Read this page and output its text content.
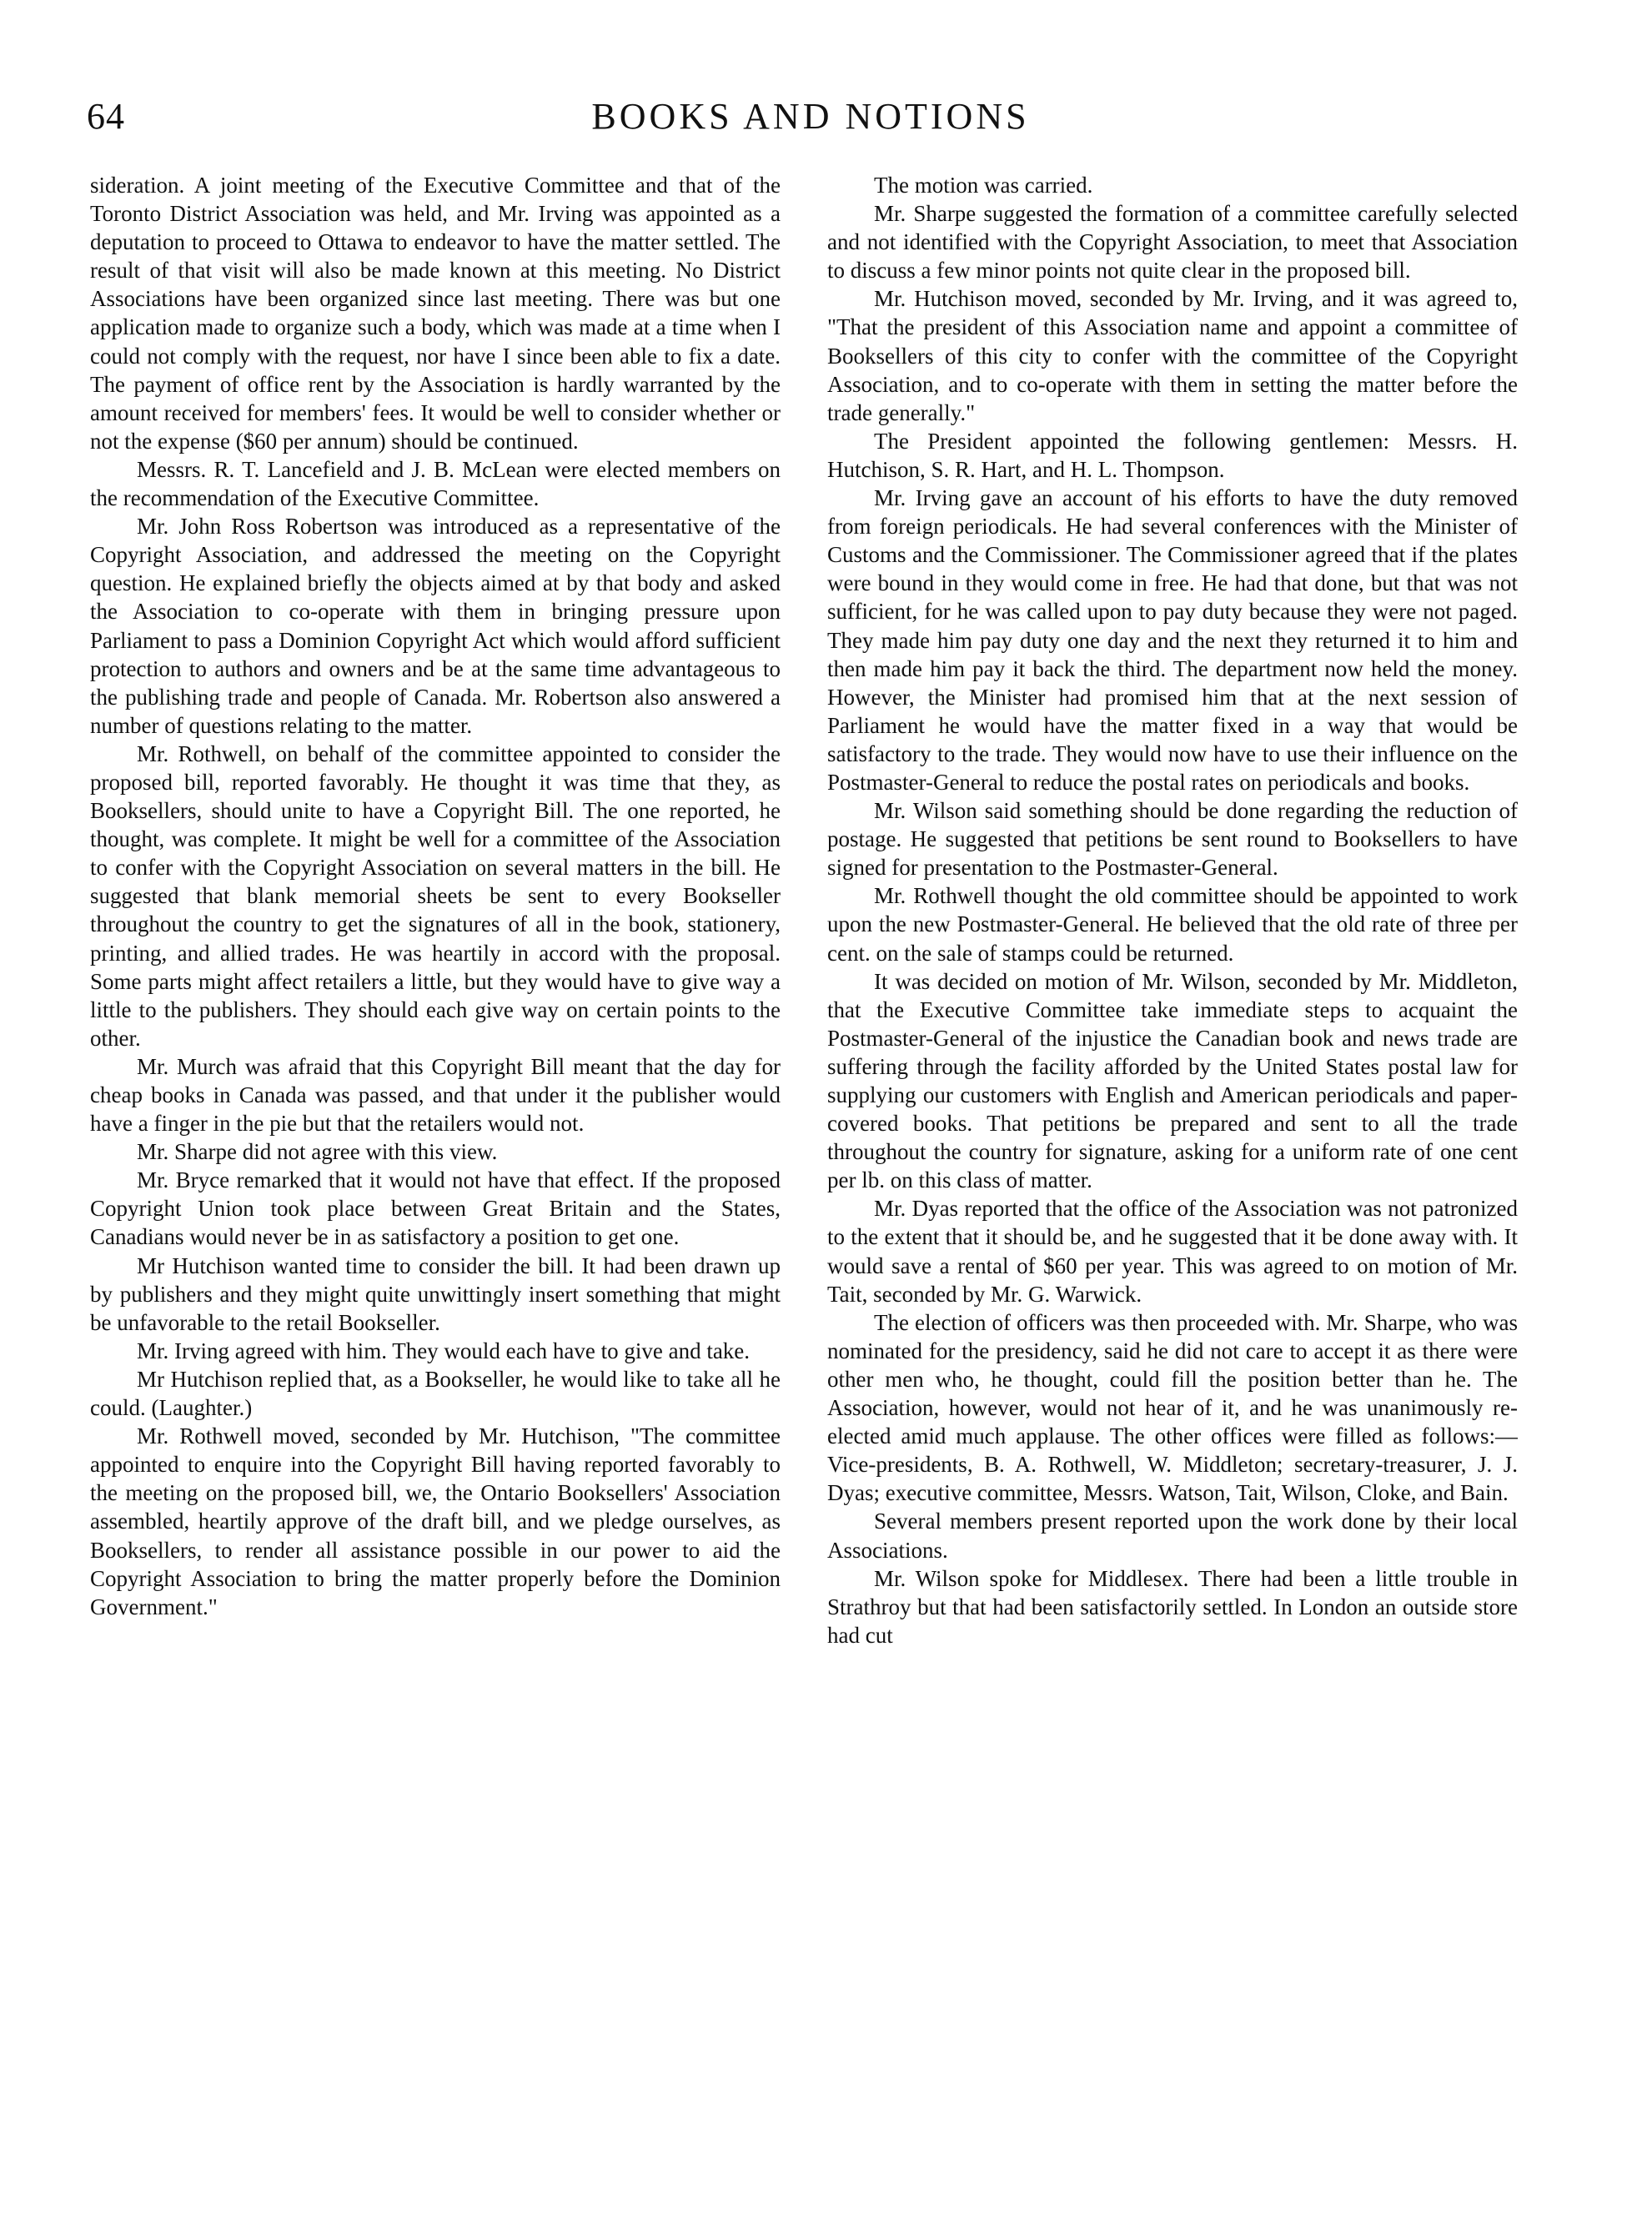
64	BOOKS AND NOTIONS

sideration. A joint meeting of the Executive Committee and that of the Toronto District Association was held, and Mr. Irving was appointed as a deputation to proceed to Ottawa to endeavor to have the matter settled. The result of that visit will also be made known at this meeting. No District Associations have been organized since last meeting. There was but one application made to organize such a body, which was made at a time when I could not comply with the request, nor have I since been able to fix a date. The payment of office rent by the Association is hardly warranted by the amount received for members' fees. It would be well to consider whether or not the expense ($60 per annum) should be continued.

Messrs. R. T. Lancefield and J. B. McLean were elected members on the recommendation of the Executive Committee.

Mr. John Ross Robertson was introduced as a representative of the Copyright Association, and addressed the meeting on the Copyright question. He explained briefly the objects aimed at by that body and asked the Association to co-operate with them in bringing pressure upon Parliament to pass a Dominion Copyright Act which would afford sufficient protection to authors and owners and be at the same time advantageous to the publishing trade and people of Canada. Mr. Robertson also answered a number of questions relating to the matter.

Mr. Rothwell, on behalf of the committee appointed to consider the proposed bill, reported favorably. He thought it was time that they, as Booksellers, should unite to have a Copyright Bill. The one reported, he thought, was complete. It might be well for a committee of the Association to confer with the Copyright Association on several matters in the bill. He suggested that blank memorial sheets be sent to every Bookseller throughout the country to get the signatures of all in the book, stationery, printing, and allied trades. He was heartily in accord with the proposal. Some parts might affect retailers a little, but they would have to give way a little to the publishers. They should each give way on certain points to the other.

Mr. Murch was afraid that this Copyright Bill meant that the day for cheap books in Canada was passed, and that under it the publisher would have a finger in the pie but that the retailers would not.

Mr. Sharpe did not agree with this view.

Mr. Bryce remarked that it would not have that effect. If the proposed Copyright Union took place between Great Britain and the States, Canadians would never be in as satisfactory a position to get one.

Mr Hutchison wanted time to consider the bill. It had been drawn up by publishers and they might quite unwittingly insert something that might be unfavorable to the retail Bookseller.

Mr. Irving agreed with him. They would each have to give and take.

Mr Hutchison replied that, as a Bookseller, he would like to take all he could. (Laughter.)

Mr. Rothwell moved, seconded by Mr. Hutchison, "The committee appointed to enquire into the Copyright Bill having reported favorably to the meeting on the proposed bill, we, the Ontario Booksellers' Association assembled, heartily approve of the draft bill, and we pledge ourselves, as Booksellers, to render all assistance possible in our power to aid the Copyright Association to bring the matter properly before the Dominion Government."

The motion was carried.

Mr. Sharpe suggested the formation of a committee carefully selected and not identified with the Copyright Association, to meet that Association to discuss a few minor points not quite clear in the proposed bill.

Mr. Hutchison moved, seconded by Mr. Irving, and it was agreed to, "That the president of this Association name and appoint a committee of Booksellers of this city to confer with the committee of the Copyright Association, and to co-operate with them in setting the matter before the trade generally."

The President appointed the following gentlemen: Messrs. H. Hutchison, S. R. Hart, and H. L. Thompson.

Mr. Irving gave an account of his efforts to have the duty removed from foreign periodicals. He had several conferences with the Minister of Customs and the Commissioner. The Commissioner agreed that if the plates were bound in they would come in free. He had that done, but that was not sufficient, for he was called upon to pay duty because they were not paged. They made him pay duty one day and the next they returned it to him and then made him pay it back the third. The department now held the money. However, the Minister had promised him that at the next session of Parliament he would have the matter fixed in a way that would be satisfactory to the trade. They would now have to use their influence on the Postmaster-General to reduce the postal rates on periodicals and books.

Mr. Wilson said something should be done regarding the reduction of postage. He suggested that petitions be sent round to Booksellers to have signed for presentation to the Postmaster-General.

Mr. Rothwell thought the old committee should be appointed to work upon the new Postmaster-General. He believed that the old rate of three per cent. on the sale of stamps could be returned.

It was decided on motion of Mr. Wilson, seconded by Mr. Middleton, that the Executive Committee take immediate steps to acquaint the Postmaster-General of the injustice the Canadian book and news trade are suffering through the facility afforded by the United States postal law for supplying our customers with English and American periodicals and paper-covered books. That petitions be prepared and sent to all the trade throughout the country for signature, asking for a uniform rate of one cent per lb. on this class of matter.

Mr. Dyas reported that the office of the Association was not patronized to the extent that it should be, and he suggested that it be done away with. It would save a rental of $60 per year. This was agreed to on motion of Mr. Tait, seconded by Mr. G. Warwick.

The election of officers was then proceeded with. Mr. Sharpe, who was nominated for the presidency, said he did not care to accept it as there were other men who, he thought, could fill the position better than he. The Association, however, would not hear of it, and he was unanimously re-elected amid much applause. The other offices were filled as follows:—Vice-presidents, B. A. Rothwell, W. Middleton; secretary-treasurer, J. J. Dyas; executive committee, Messrs. Watson, Tait, Wilson, Cloke, and Bain.

Several members present reported upon the work done by their local Associations.

Mr. Wilson spoke for Middlesex. There had been a little trouble in Strathroy but that had been satisfactorily settled. In London an outside store had cut
